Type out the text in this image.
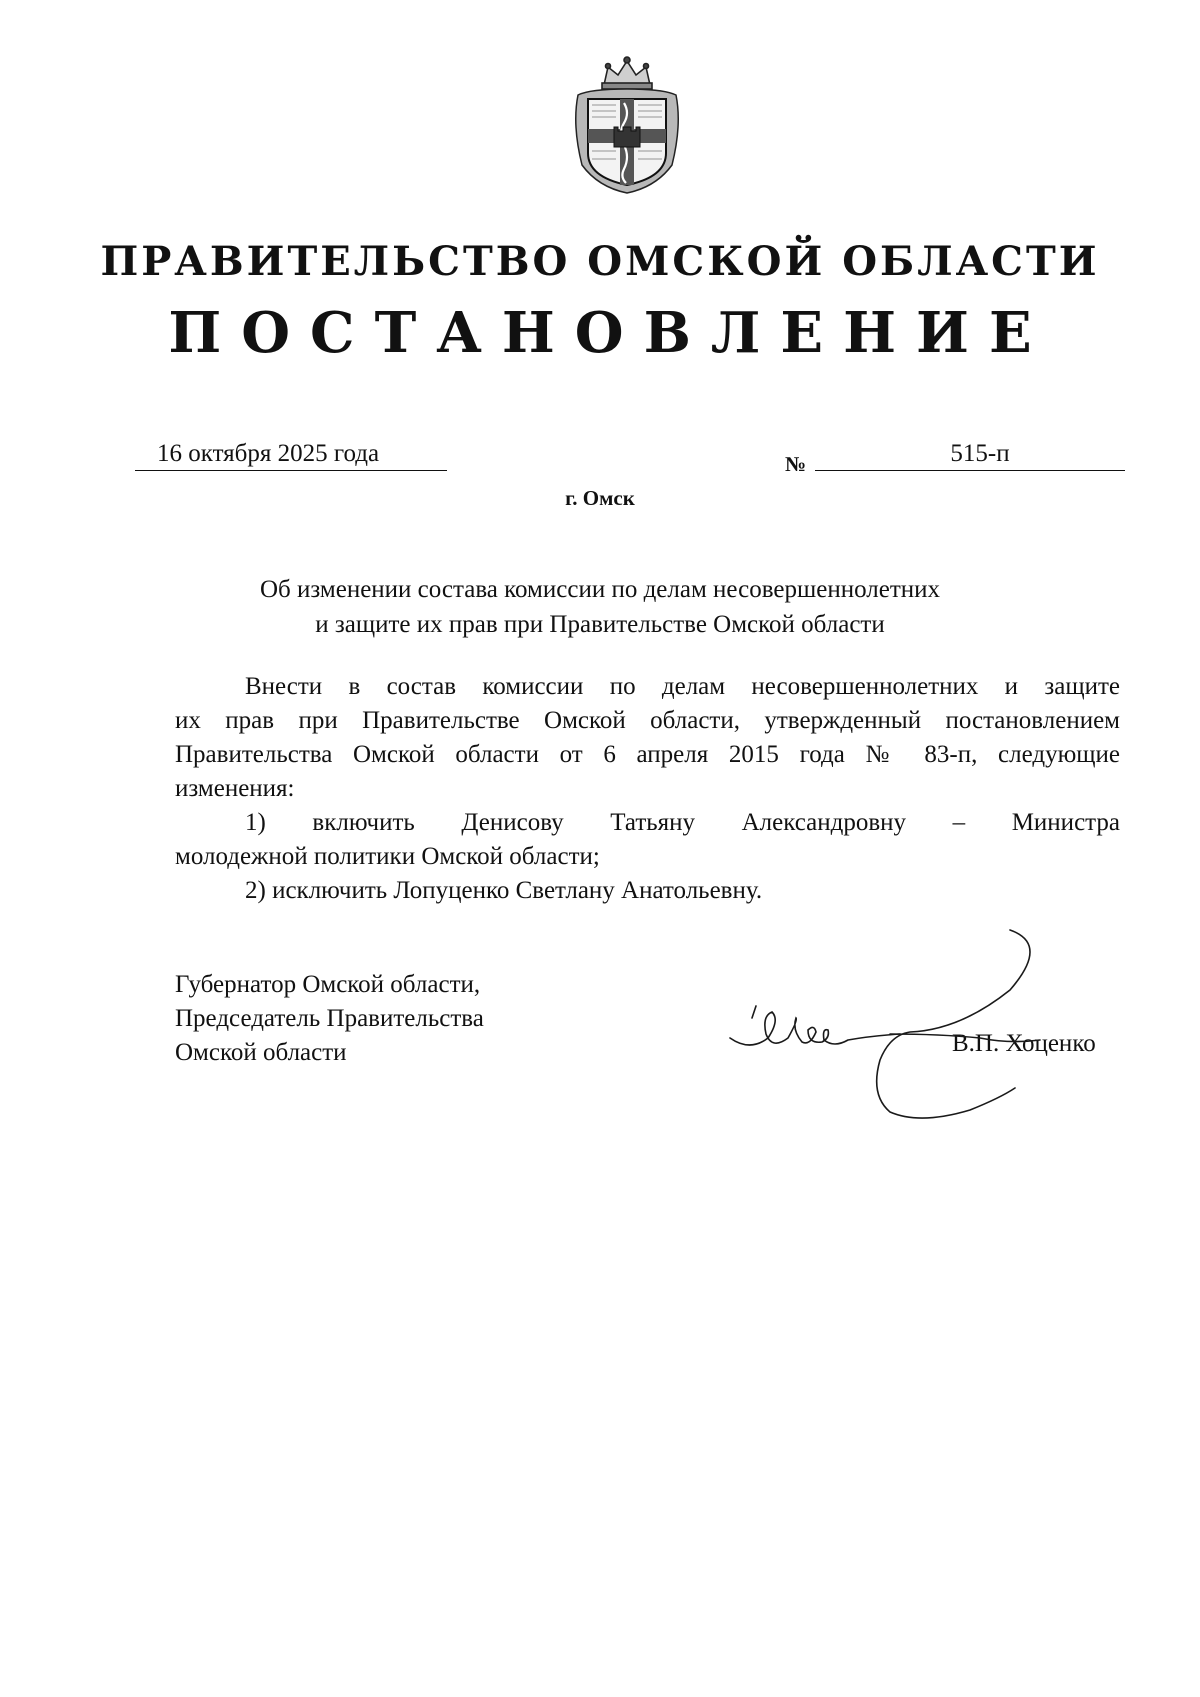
ПРАВИТЕЛЬСТВО ОМСКОЙ ОБЛАСТИ
ПОСТАНОВЛЕНИЕ
16 октября 2025 года	№	515-п
г. Омск
Об изменении состава комиссии по делам несовершеннолетних
и защите их прав при Правительстве Омской области

Внести в состав комиссии по делам несовершеннолетних и защите

их прав при Правительстве Омской области, утвержденный постановлением

Правительства Омской области от 6 апреля 2015 года № 83-п, следующие

изменения:

1) включить Денисову Татьяну Александровну – Министра

молодежной политики Омской области;

2) исключить Лопуценко Светлану Анатольевну.

Губернатор Омской области,
Председатель Правительства
Омской области	В.П. Хоценко
